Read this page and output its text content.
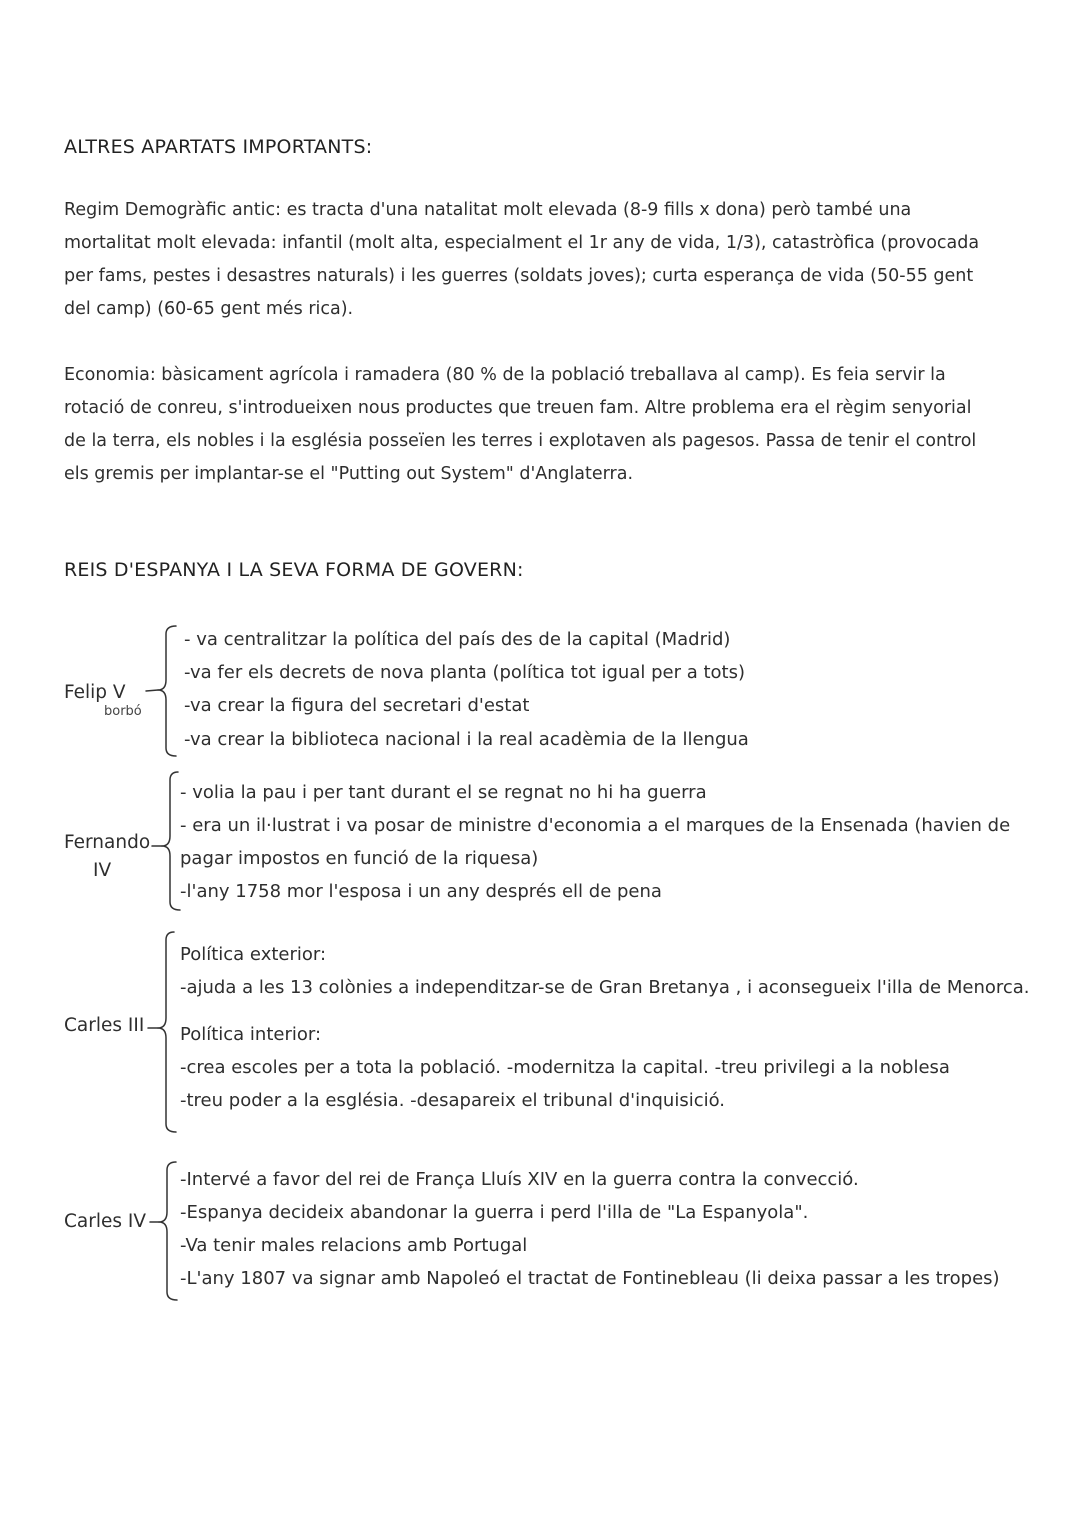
ALTRES APARTATS IMPORTANTS:
Regim Demogràfic antic: es tracta d'una natalitat molt elevada (8-9 fills x dona) però també una
mortalitat molt elevada: infantil (molt alta, especialment el 1r any de vida, 1/3), catastròfica (provocada
per fams, pestes i desastres naturals) i les guerres (soldats joves); curta esperança de vida (50-55 gent
del camp) (60-65 gent més rica).
Economia: bàsicament agrícola i ramadera (80 % de la població treballava al camp). Es feia servir la
rotació de conreu, s'introdueixen nous productes que treuen fam. Altre problema era el règim senyorial
de la terra, els nobles i la església posseïen les terres i explotaven als pagesos. Passa de tenir el control
els gremis per implantar-se el "Putting out System" d'Anglaterra.
REIS D'ESPANYA I LA SEVA FORMA DE GOVERN:
Felip V
borbó
- va centralitzar la política del país des de la capital (Madrid)
-va fer els decrets de nova planta (política tot igual per a tots)
-va crear la figura del secretari d'estat
-va crear la biblioteca nacional i la real acadèmia de la llengua
Fernando
IV
- volia la pau i per tant durant el se regnat no hi ha guerra
- era un il·lustrat i va posar de ministre d'economia a el marques de la Ensenada (havien de
pagar impostos en funció de la riquesa)
-l'any 1758 mor l'esposa i un any després ell de pena
Carles III
Política exterior:
-ajuda a les 13 colònies a independitzar-se de Gran Bretanya , i aconsegueix l'illa de Menorca.
Política interior:
-crea escoles per a tota la població. -modernitza la capital. -treu privilegi a la noblesa
-treu poder a la església. -desapareix el tribunal d'inquisició.
Carles IV
-Intervé a favor del rei de França Lluís XIV en la guerra contra la convecció.
-Espanya decideix abandonar la guerra i perd l'illa de "La Espanyola".
-Va tenir males relacions amb Portugal
-L'any 1807 va signar amb Napoleó el tractat de Fontinebleau (li deixa passar a les tropes)
